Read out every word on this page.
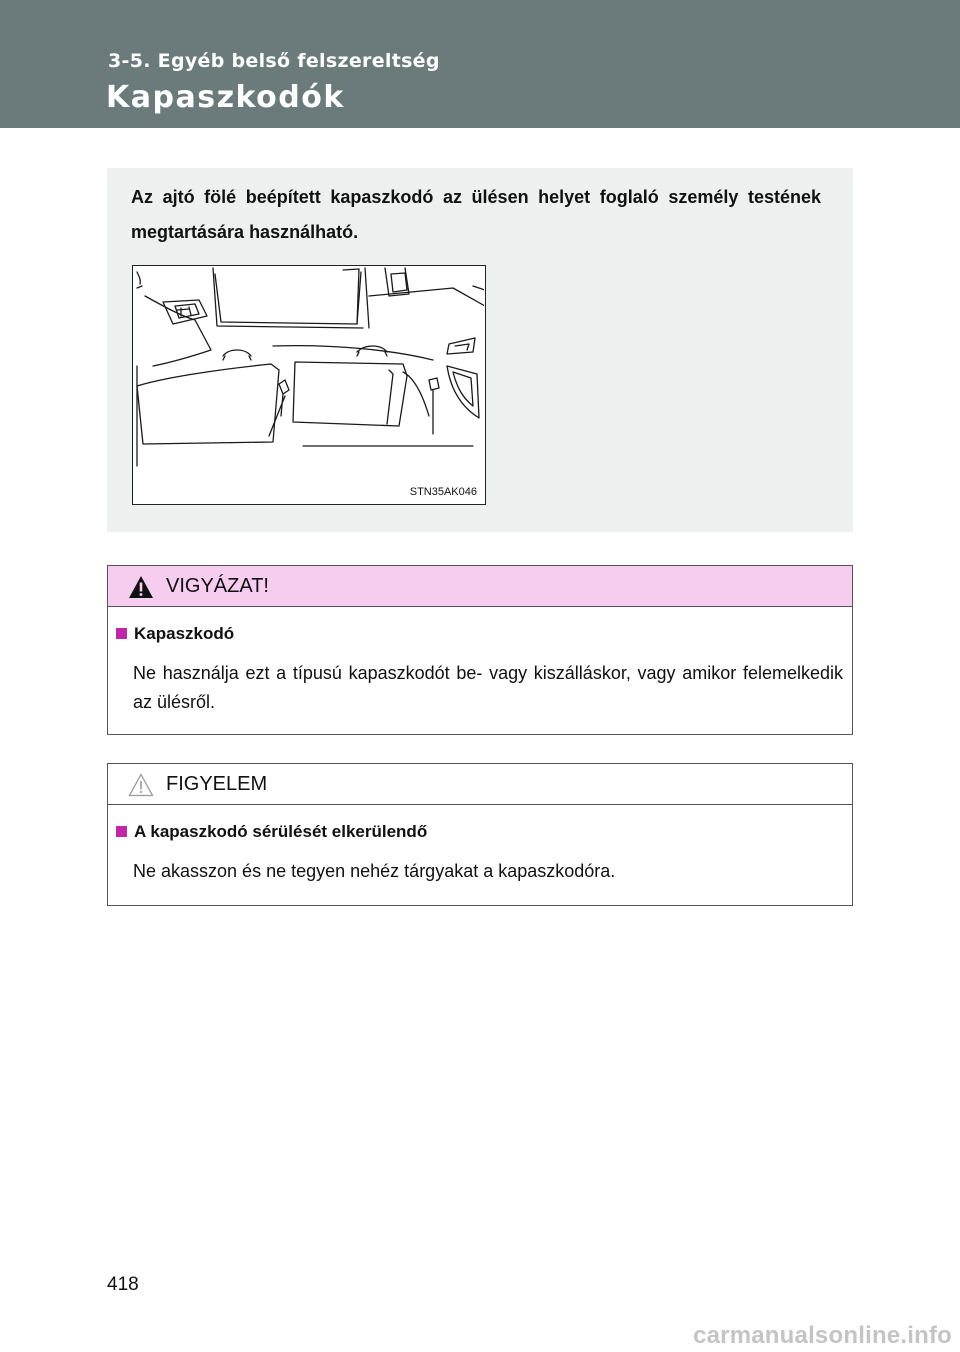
3-5. Egyéb belső felszereltség
Kapaszkodók
Az ajtó fölé beépített kapaszkodó az ülésen helyet foglaló személy testének megtartására használható.
STN35AK046
VIGYÁZAT!
Kapaszkodó
Ne használja ezt a típusú kapaszkodót be- vagy kiszálláskor, vagy amikor felemelkedik az ülésről.
FIGYELEM
A kapaszkodó sérülését elkerülendő
Ne akasszon és ne tegyen nehéz tárgyakat a kapaszkodóra.
418
carmanualsonline.info
